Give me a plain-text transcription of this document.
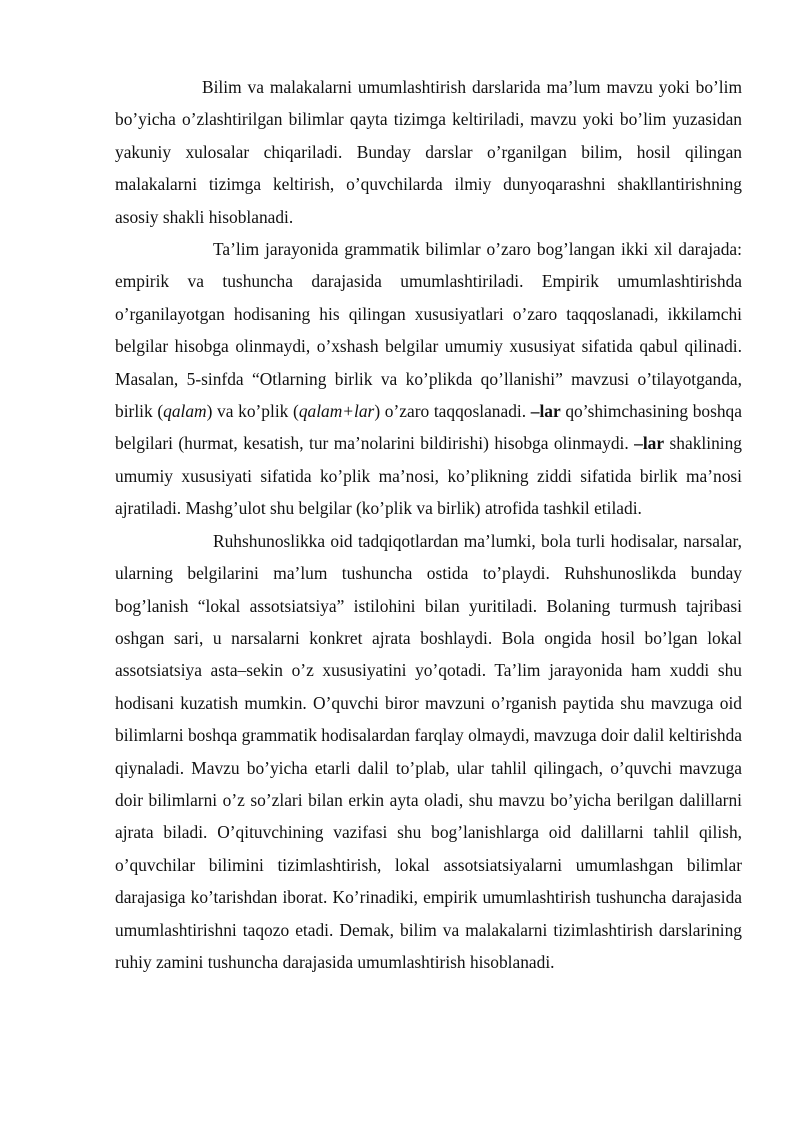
Bilim va malakalarni umumlashtirish darslarida ma’lum mavzu yoki bo’lim bo’yicha o’zlashtirilgan bilimlar qayta tizimga keltiriladi, mavzu yoki bo’lim yuzasidan yakuniy xulosalar chiqariladi. Bunday darslar o’rganilgan bilim, hosil qilingan malakalarni tizimga keltirish, o’quvchilarda ilmiy dunyoqarashni shakllantirishning asosiy shakli hisoblanadi.

Ta’lim jarayonida grammatik bilimlar o’zaro bog’langan ikki xil darajada: empirik va tushuncha darajasida umumlashtiriladi. Empirik umumlashtirishda o’rganilayotgan hodisaning his qilingan xususiyatlari o’zaro taqqoslanadi, ikkilamchi belgilar hisobga olinmaydi, o’xshash belgilar umumiy xususiyat sifatida qabul qilinadi. Masalan, 5-sinfda “Otlarning birlik va ko’plikda qo’llanishi” mavzusi o’tilayotganda, birlik (qalam) va ko’plik (qalam+lar) o’zaro taqqoslanadi. –lar qo’shimchasining boshqa belgilari (hurmat, kesatish, tur ma’nolarini bildirishi) hisobga olinmaydi. –lar shaklining umumiy xususiyati sifatida ko’plik ma’nosi, ko’plikning ziddi sifatida birlik ma’nosi ajratiladi. Mashg’ulot shu belgilar (ko’plik va birlik) atrofida tashkil etiladi.

Ruhshunoslikka oid tadqiqotlardan ma’lumki, bola turli hodisalar, narsalar, ularning belgilarini ma’lum tushuncha ostida to’playdi. Ruhshunoslikda bunday bog’lanish “lokal assotsiatsiya” istilohini bilan yuritiladi. Bolaning turmush tajribasi oshgan sari, u narsalarni konkret ajrata boshlaydi. Bola ongida hosil bo’lgan lokal assotsiatsiya asta–sekin o’z xususiyatini yo’qotadi. Ta’lim jarayonida ham xuddi shu hodisani kuzatish mumkin. O’quvchi biror mavzuni o’rganish paytida shu mavzuga oid bilimlarni boshqa grammatik hodisalardan farqlay olmaydi, mavzuga doir dalil keltirishda qiynaladi. Mavzu bo’yicha etarli dalil to’plab, ular tahlil qilingach, o’quvchi mavzuga doir bilimlarni o’z so’zlari bilan erkin ayta oladi, shu mavzu bo’yicha berilgan dalillarni ajrata biladi. O’qituvchining vazifasi shu bog’lanishlarga oid dalillarni tahlil qilish, o’quvchilar bilimini tizimlashtirish, lokal assotsiatsiyalarni umumlashgan bilimlar darajasiga ko’tarishdan iborat. Ko’rinadiki, empirik umumlashtirish tushuncha darajasida umumlashtirishni taqozo etadi. Demak, bilim va malakalarni tizimlashtirish darslarining ruhiy zamini tushuncha darajasida umumlashtirish hisoblanadi.
